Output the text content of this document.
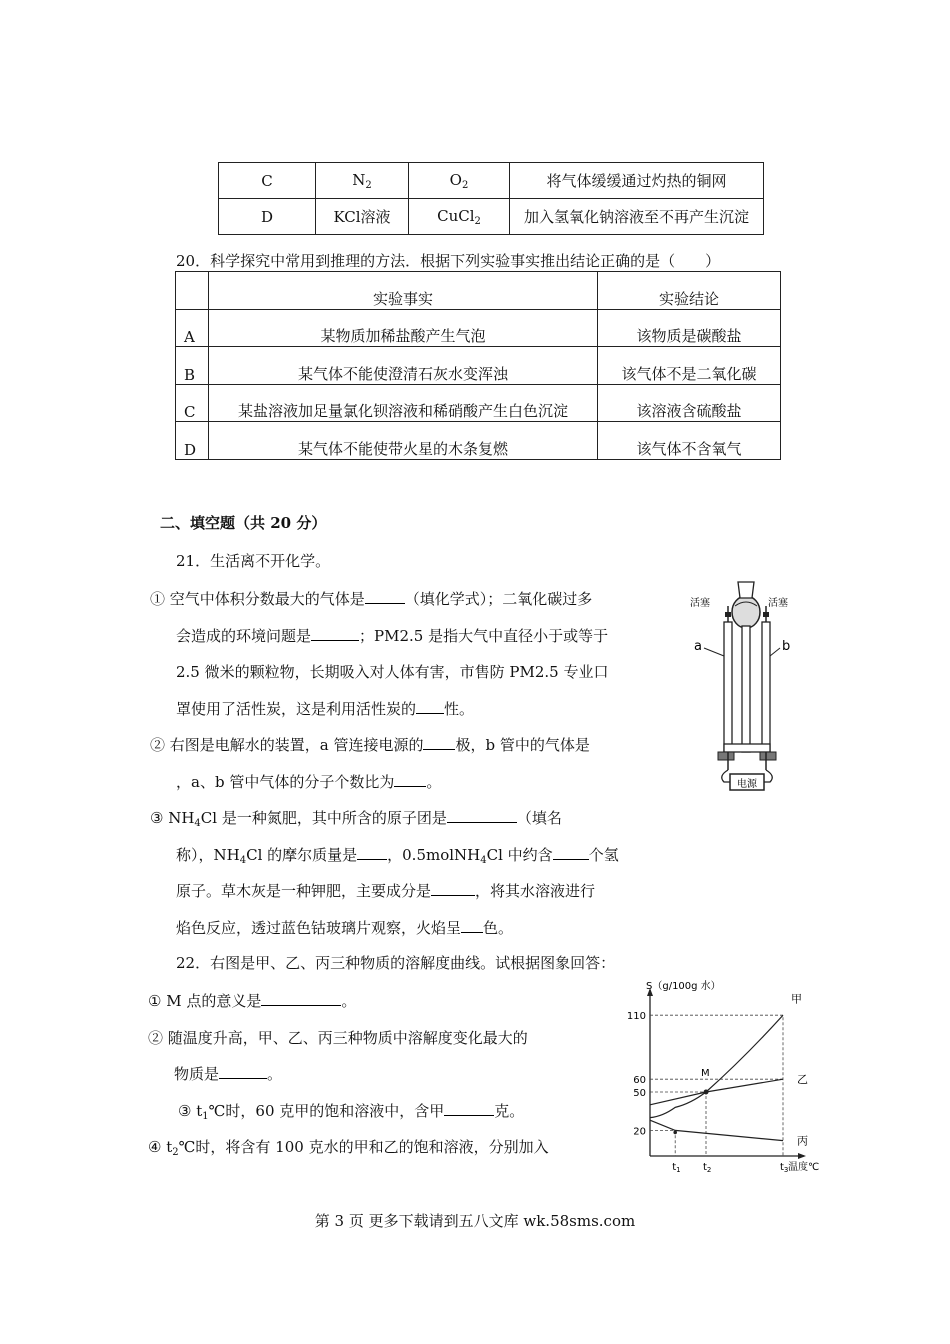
C	$N_2$	$O_2$	将气体缓缓通过灼热的铜网
D	KCl溶液	CuCl$_2$	加入氢氧化钠溶液至不再产生沉淀
20．科学探究中常用到推理的方法．根据下列实验事实推出结论正确的是（　　）
	实验事实	实验结论
A	某物质加稀盐酸产生气泡	该物质是碳酸盐
B	某气体不能使澄清石灰水变浑浊	该气体不是二氧化碳
C	某盐溶液加足量氯化钡溶液和稀硝酸产生白色沉淀	该溶液含硫酸盐
D	某气体不能使带火星的木条复燃	该气体不含氧气
二、填空题（共 20 分）
21．生活离不开化学。
① 空气中体积分数最大的气体是	（填化学式）；二氧化碳过多
会造成的环境问题是	；PM2.5 是指大气中直径小于或等于
2.5 微米的颗粒物，长期吸入对人体有害，市售防 PM2.5 专业口
罩使用了活性炭，这是利用活性炭的 性。
② 右图是电解水的装置，a 管连接电源的 极，b 管中的气体是
，a、b 管中气体的分子个数比为 。
③ $NH_4Cl$ 是一种氮肥，其中所含的原子团是	（填名
称），$NH_4Cl$ 的摩尔质量是 ，0.5molNH$_4$Cl 中约含 个氢
原子。草木灰是一种钾肥，主要成分是	，将其水溶液进行
焰色反应，透过蓝色钴玻璃片观察，火焰呈 色。
电源
活塞	活塞
a	b
22．右图是甲、乙、丙三种物质的溶解度曲线。试根据图象回答：
① M 点的意义是	。
② 随温度升高，甲、乙、丙三种物质中溶解度变化最大的
物质是	。
③ $t_1℃$时，60 克甲的饱和溶液中，含甲	克。
④ $t_2℃$时，将含有 100 克水的甲和乙的饱和溶液，分别加入
S（g/100g 水）
温度℃
110
60
50
20
$t_1$ $t_2$	$t_3$
甲
乙
丙
M
第 3 页 更多下载请到五八文库 wk.58sms.com
